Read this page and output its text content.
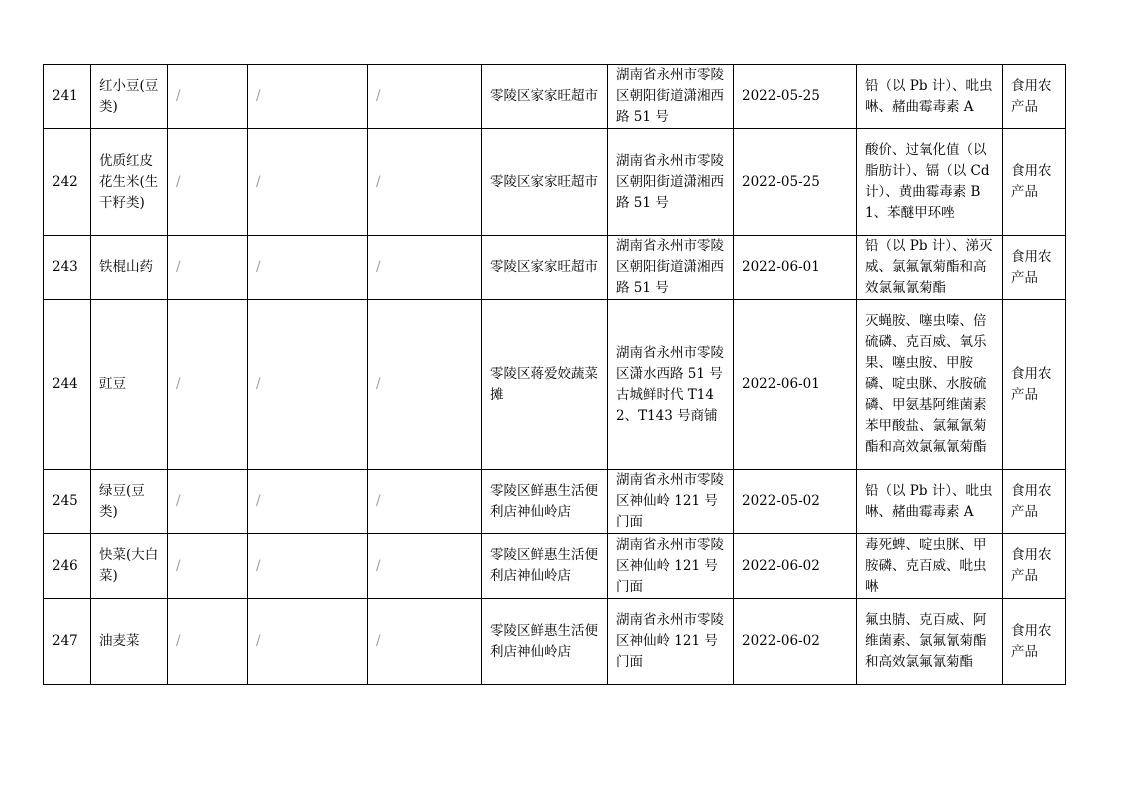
241	红小豆(豆类)	/	/	/	零陵区家家旺超市	湖南省永州市零陵区朝阳街道潇湘西路 51 号	2022-05-25	铅（以 Pb 计）、吡虫啉、赭曲霉毒素 A	食用农产品
242	优质红皮花生米(生干籽类)	/	/	/	零陵区家家旺超市	湖南省永州市零陵区朝阳街道潇湘西路 51 号	2022-05-25	酸价、过氧化值（以脂肪计）、镉（以 Cd 计）、黄曲霉毒素 B1、苯醚甲环唑	食用农产品
243	铁棍山药	/	/	/	零陵区家家旺超市	湖南省永州市零陵区朝阳街道潇湘西路 51 号	2022-06-01	铅（以 Pb 计）、涕灭威、氯氟氰菊酯和高效氯氟氰菊酯	食用农产品
244	豇豆	/	/	/	零陵区蒋爱姣蔬菜摊	湖南省永州市零陵区潇水西路 51 号古城鲜时代 T142、T143 号商铺	2022-06-01	灭蝇胺、噻虫嗪、倍硫磷、克百威、氧乐果、噻虫胺、甲胺磷、啶虫脒、水胺硫磷、甲氨基阿维菌素苯甲酸盐、氯氟氰菊酯和高效氯氟氰菊酯	食用农产品
245	绿豆(豆类)	/	/	/	零陵区鲜惠生活便利店神仙岭店	湖南省永州市零陵区神仙岭 121 号门面	2022-05-02	铅（以 Pb 计）、吡虫啉、赭曲霉毒素 A	食用农产品
246	快菜(大白菜)	/	/	/	零陵区鲜惠生活便利店神仙岭店	湖南省永州市零陵区神仙岭 121 号门面	2022-06-02	毒死蜱、啶虫脒、甲胺磷、克百威、吡虫啉	食用农产品
247	油麦菜	/	/	/	零陵区鲜惠生活便利店神仙岭店	湖南省永州市零陵区神仙岭 121 号门面	2022-06-02	氟虫腈、克百威、阿维菌素、氯氟氰菊酯和高效氯氟氰菊酯	食用农产品
